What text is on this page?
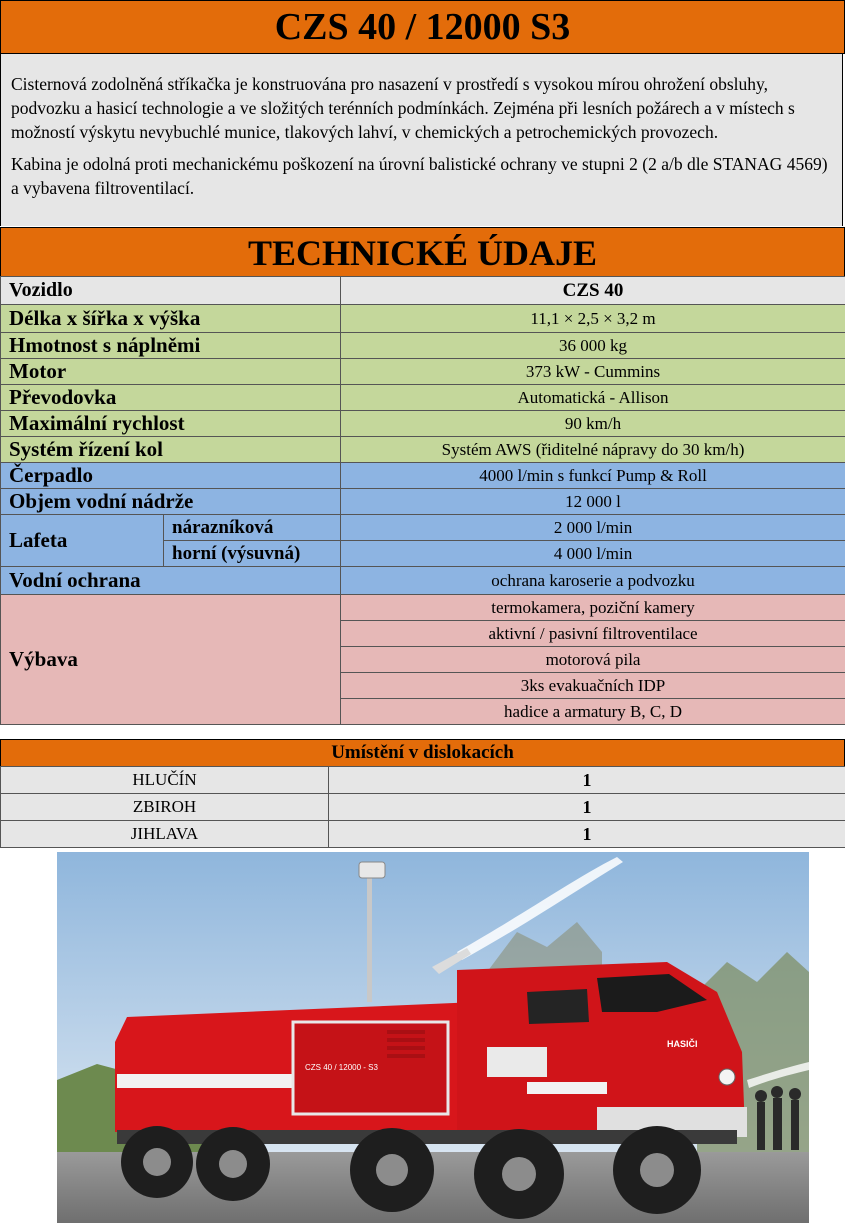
CZS 40 / 12000 S3

Cisternová zodolněná stříkačka je konstruována pro nasazení v prostředí s vysokou mírou ohrožení obsluhy, podvozku a hasicí technologie a ve složitých terénních podmínkách. Zejména při lesních požárech a v místech s možností výskytu nevybuchlé munice, tlakových lahví, v chemických a petrochemických provozech.

Kabina je odolná proti mechanickému poškození na úrovní balistické ochrany ve stupni 2 (2 a/b dle STANAG 4569) a vybavena filtroventilací.

TECHNICKÉ ÚDAJE
Vozidlo		CZS 40
Délka x šířka x výška		11,1 × 2,5 × 3,2 m
Hmotnost s náplněmi		36 000 kg
Motor		373 kW - Cummins
Převodovka		Automatická - Allison
Maximální rychlost		90 km/h
Systém řízení kol		Systém AWS (řiditelné nápravy do 30 km/h)
Čerpadlo		4000 l/min s funkcí Pump & Roll
Objem vodní nádrže		12 000 l
Lafeta	nárazníková	2 000 l/min
	horní (výsuvná)	4 000 l/min
Vodní ochrana		ochrana karoserie a podvozku
Výbava		termokamera, poziční kamery
		aktivní / pasivní filtroventilace
		motorová pila
		3ks evakuačních IDP
		hadice a armatury B, C, D
Umístění v dislokacích
HLUČÍN	1
ZBIROH	1
JIHLAVA	1
CZS 40 / 12000 - S3
HASIČI
